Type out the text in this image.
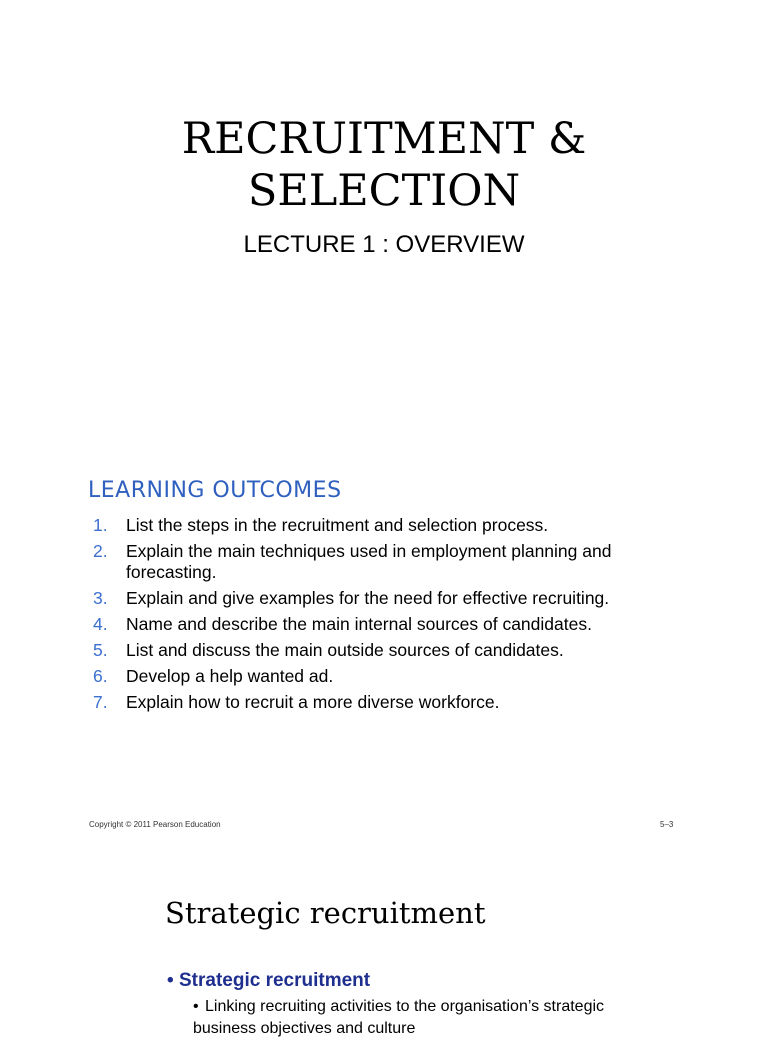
RECRUITMENT &
SELECTION
LECTURE 1 : OVERVIEW
LEARNING OUTCOMES
1.	List the steps in the recruitment and selection process.
2.	Explain the main techniques used in employment planning and forecasting.
3.	Explain and give examples for the need for effective recruiting.
4.	Name and describe the main internal sources of candidates.
5.	List and discuss the main outside sources of candidates.
6.	Develop a help wanted ad.
7.	Explain how to recruit a more diverse workforce.
Copyright © 2011 Pearson Education	5–3
Strategic recruitment
• Strategic recruitment
• Linking recruiting activities to the organisation’s strategic business objectives and culture
